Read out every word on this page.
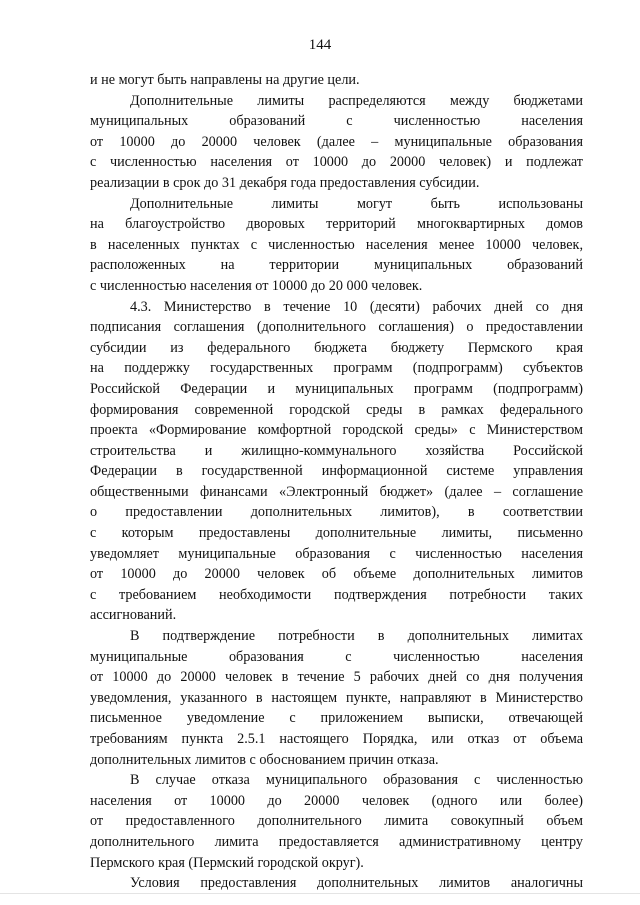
144
и не могут быть направлены на другие цели.
Дополнительные лимиты распределяются между бюджетами
муниципальных образований с численностью населения
от 10000 до 20000 человек (далее – муниципальные образования
с численностью населения от 10000 до 20000 человек) и подлежат
реализации в срок до 31 декабря года предоставления субсидии.
Дополнительные лимиты могут быть использованы
на благоустройство дворовых территорий многоквартирных домов
в населенных пунктах с численностью населения менее 10000 человек,
расположенных на территории муниципальных образований
с численностью населения от 10000 до 20 000 человек.
4.3. Министерство в течение 10 (десяти) рабочих дней со дня
подписания соглашения (дополнительного соглашения) о предоставлении
субсидии из федерального бюджета бюджету Пермского края
на поддержку государственных программ (подпрограмм) субъектов
Российской Федерации и муниципальных программ (подпрограмм)
формирования современной городской среды в рамках федерального
проекта «Формирование комфортной городской среды» с Министерством
строительства и жилищно-коммунального хозяйства Российской
Федерации в государственной информационной системе управления
общественными финансами «Электронный бюджет» (далее – соглашение
о предоставлении дополнительных лимитов), в соответствии
с которым предоставлены дополнительные лимиты, письменно
уведомляет муниципальные образования с численностью населения
от 10000 до 20000 человек об объеме дополнительных лимитов
с требованием необходимости подтверждения потребности таких
ассигнований.
В подтверждение потребности в дополнительных лимитах
муниципальные образования с численностью населения
от 10000 до 20000 человек в течение 5 рабочих дней со дня получения
уведомления, указанного в настоящем пункте, направляют в Министерство
письменное уведомление с приложением выписки, отвечающей
требованиям пункта 2.5.1 настоящего Порядка, или отказ от объема
дополнительных лимитов с обоснованием причин отказа.
В случае отказа муниципального образования с численностью
населения от 10000 до 20000 человек (одного или более)
от предоставленного дополнительного лимита совокупный объем
дополнительного лимита предоставляется административному центру
Пермского края (Пермский городской округ).
Условия предоставления дополнительных лимитов аналогичны
